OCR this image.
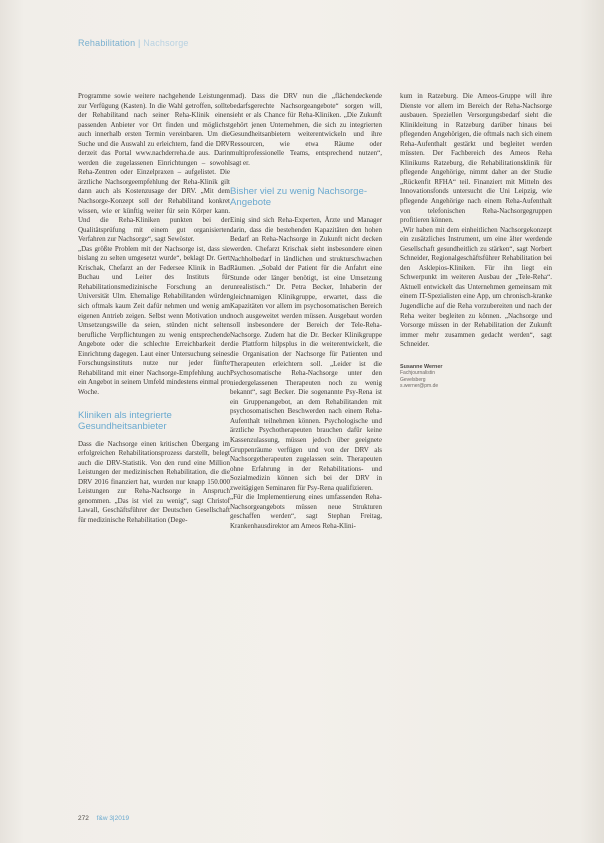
Rehabilitation | Nachsorge

Programme sowie weitere nachgehende Leistungen zur Verfügung (Kasten). In die Wahl getroffen, sollte der Rehabilitand nach seiner Reha-Klinik einen passenden Anbieter vor Ort finden und möglichst auch innerhalb ersten Termin vereinbaren. Um die Suche und die Auswahl zu erleichtern, fand die DRV derzeit das Portal www.nachderreha.de aus. Darin werden die zugelassenen Einrichtungen – sowohl Reha-Zentren oder Einzelpraxen – aufgelistet. Die ärztliche Nachsorgeempfehlung der Reha-Klinik gilt dann auch als Kostenzusage der DRV. „Mit dem Nachsorge-Konzept soll der Rehabilitand konkret wissen, wie er künftig weiter für sein Körper kann. Und die Reha-Kliniken punkten bei der Qualitätsprüfung mit einem gut organisierten Verfahren zur Nachsorge“, sagt Sewöster.

„Das größte Problem mit der Nachsorge ist, dass sie bislang zu selten umgesetzt wurde“, beklagt Dr. Gert Krischak, Chefarzt an der Federsee Klinik in Bad Buchau und Leiter des Instituts für Rehabilitationsmedizinische Forschung an der Universität Ulm. Ehemalige Rehabilitanden würden sich oftmals kaum Zeit dafür nehmen und wenig am eigenen Antrieb zeigen. Selbst wenn Motivation und Umsetzungswille da seien, stünden nicht selten berufliche Verpflichtungen zu wenig entsprechende Angebote oder die schlechte Erreichbarkeit der Einrichtung dagegen. Laut einer Untersuchung seines Forschungsinstituts nutze nur jeder fünfte Rehabilitand mit einer Nachsorge-Empfehlung auch ein Angebot in seinem Umfeld mindestens einmal pro Woche.

Kliniken als integrierte Gesundheitsanbieter

Dass die Nachsorge einen kritischen Übergang im erfolgreichen Rehabilitationsprozess darstellt, belegt auch die DRV-Statistik. Von den rund eine Million Leistungen der medizinischen Rehabilitation, die die DRV 2016 finanziert hat, wurden nur knapp 150.000 Leistungen zur Reha-Nachsorge in Anspruch genommen. „Das ist viel zu wenig“, sagt Christof Lawall, Geschäftsführer der Deutschen Gesellschaft für medizinische Rehabilitation (Dege-

mad). Dass die DRV nun die „flächendeckende bedarfsgerechte Nachsorgeangebote“ sorgen will, sieht er als Chance für Reha-Kliniken. „Die Zukunft gehört jenen Unternehmen, die sich zu integrierten Gesundheitsanbietern weiterentwickeln und ihre Ressourcen, wie etwa Räume oder multiprofessionelle Teams, entsprechend nutzen“, sagt er.

Bisher viel zu wenig Nachsorge-Angebote

Einig sind sich Reha-Experten, Ärzte und Manager darin, dass die bestehenden Kapazitäten den hohen Bedarf an Reha-Nachsorge in Zukunft nicht decken werden. Chefarzt Krischak sieht insbesondere einen Nachholbedarf in ländlichen und strukturschwachen Räumen. „Sobald der Patient für die Anfahrt eine Stunde oder länger benötigt, ist eine Umsetzung unrealistisch.“ Dr. Petra Becker, Inhaberin der gleichnamigen Klinikgruppe, erwartet, dass die Kapazitäten vor allem im psychosomatischen Bereich noch ausgeweitet werden müssen. Ausgebaut worden soll insbesondere der Bereich der Tele-Reha-Nachsorge. Zudem hat die Dr. Becker Klinikgruppe die Plattform hilpsplus in die weiterentwickelt, die die Organisation der Nachsorge für Patienten und Therapeuten erleichtern soll. „Leider ist die Psychosomatische Reha-Nachsorge unter den niedergelassenen Therapeuten noch zu wenig bekannt“, sagt Becker. Die sogenannte Psy-Rena ist ein Gruppenangebot, an dem Rehabilitanden mit psychosomatischen Beschwerden nach einem Reha-Aufenthalt teilnehmen können. Psychologische und ärztliche Psychotherapeuten brauchen dafür keine Kassenzulassung, müssen jedoch über geeignete Gruppenräume verfügen und von der DRV als Nachsorgetherapeuten zugelassen sein. Therapeuten ohne Erfahrung in der Rehabilitations- und Sozialmedizin können sich bei der DRV in zweitägigen Seminaren für Psy-Rena qualifizieren.

„Für die Implementierung eines umfassenden Reha-Nachsorgeangebots müssen neue Strukturen geschaffen werden“, sagt Stephan Freitag, Krankenhausdirektor am Ameos Reha-Klini-

kum in Ratzeburg. Die Ameos-Gruppe will ihre Dienste vor allem im Bereich der Reha-Nachsorge ausbauen. Speziellen Versorgungsbedarf sieht die Klinikleitung in Ratzeburg darüber hinaus bei pflegenden Angehörigen, die oftmals nach sich einem Reha-Aufenthalt gestärkt und begleitet werden müssten. Der Fachbereich des Ameos Reha Klinikums Ratzeburg, die Rehabilitationsklinik für pflegende Angehörige, nimmt daher an der Studie „Rückenfit RFHA“ teil. Finanziert mit Mitteln des Innovationsfonds untersucht die Uni Leipzig, wie pflegende Angehörige nach einem Reha-Aufenthalt von telefonischen Reha-Nachsorgegruppen profitieren können.

„Wir haben mit dem einheitlichen Nachsorgekonzept ein zusätzliches Instrument, um eine älter werdende Gesellschaft gesundheitlich zu stärken“, sagt Norbert Schneider, Regionalgeschäftsführer Rehabilitation bei den Asklepios-Kliniken. Für ihn liegt ein Schwerpunkt im weiteren Ausbau der „Tele-Reha“. Aktuell entwickelt das Unternehmen gemeinsam mit einem IT-Spezialisten eine App, um chronisch-kranke Jugendliche auf die Reha vorzubereiten und nach der Reha weiter begleiten zu können. „Nachsorge und Vorsorge müssen in der Rehabilitation der Zukunft immer mehr zusammen gedacht werden“, sagt Schneider.

Susanne Werner
Fachjournalistin
Gevelsberg
s.werner@pm.de
272 f&w 3|2019
